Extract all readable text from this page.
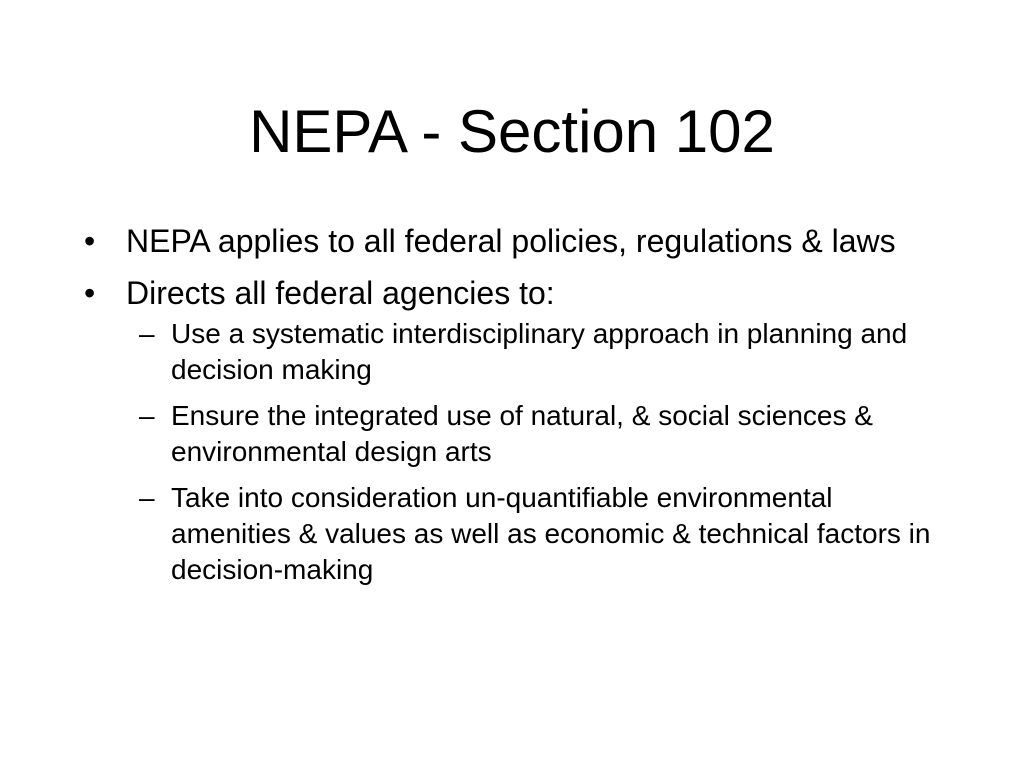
NEPA - Section 102
• NEPA applies to all federal policies, regulations & laws
• Directs all federal agencies to:
– Use a systematic interdisciplinary approach in planning and decision making
– Ensure the integrated use of natural, & social sciences & environmental design arts
– Take into consideration un-quantifiable environmental amenities & values as well as economic & technical factors in decision-making
